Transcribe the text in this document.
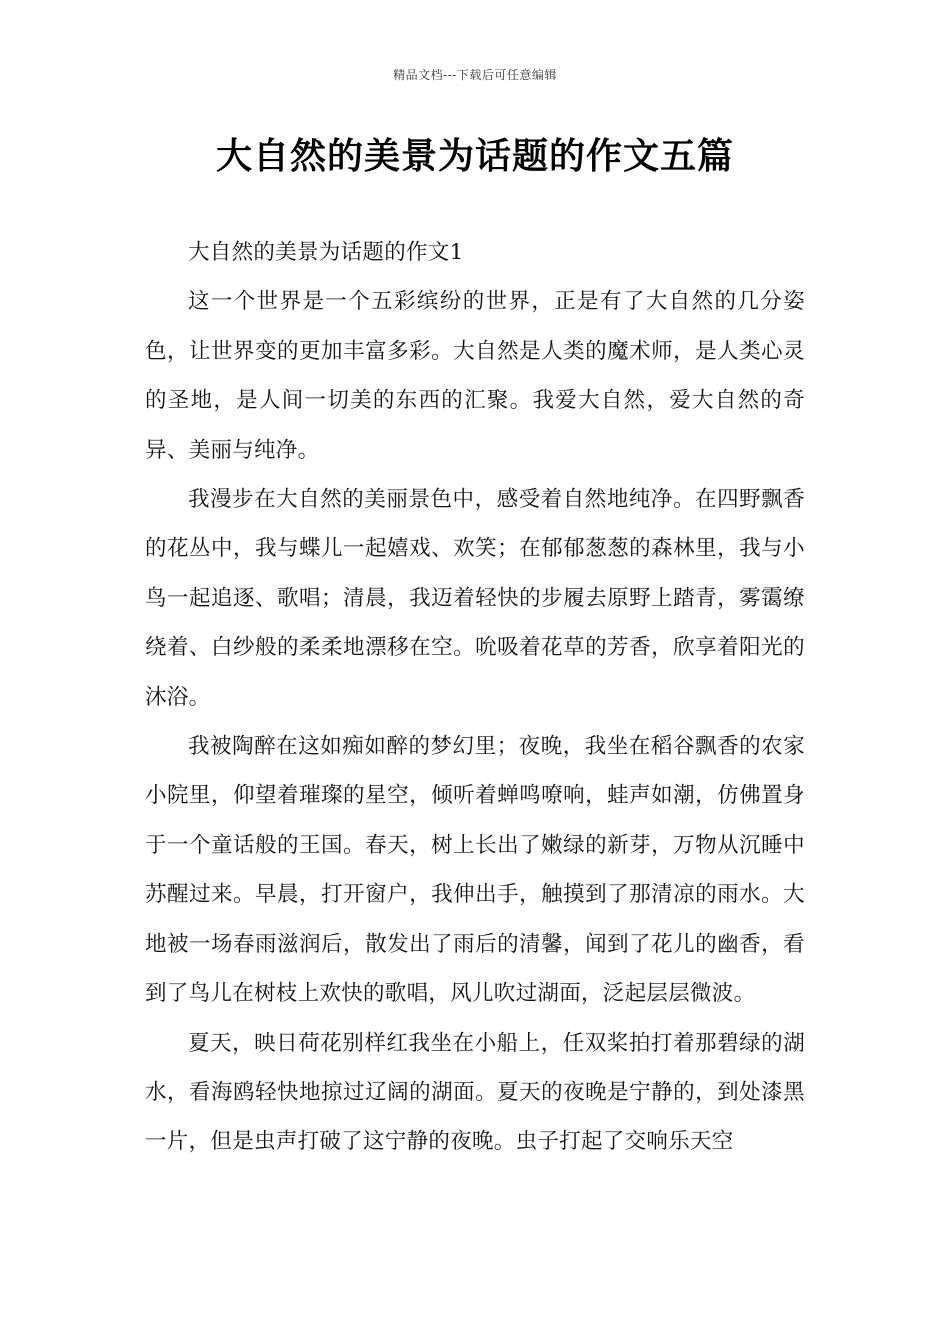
精品文档---下载后可任意编辑
大自然的美景为话题的作文五篇

大自然的美景为话题的作文1

这一个世界是一个五彩缤纷的世界，正是有了大自然的几分姿色，让世界变的更加丰富多彩。大自然是人类的魔术师，是人类心灵的圣地，是人间一切美的东西的汇聚。我爱大自然，爱大自然的奇异、美丽与纯净。

我漫步在大自然的美丽景色中，感受着自然地纯净。在四野飘香的花丛中，我与蝶儿一起嬉戏、欢笑；在郁郁葱葱的森林里，我与小鸟一起追逐、歌唱；清晨，我迈着轻快的步履去原野上踏青，雾霭缭绕着、白纱般的柔柔地漂移在空。吮吸着花草的芳香，欣享着阳光的沐浴。

我被陶醉在这如痴如醉的梦幻里；夜晚，我坐在稻谷飘香的农家小院里，仰望着璀璨的星空，倾听着蝉鸣嘹响，蛙声如潮，仿佛置身于一个童话般的王国。春天，树上长出了嫩绿的新芽，万物从沉睡中苏醒过来。早晨，打开窗户，我伸出手，触摸到了那清凉的雨水。大地被一场春雨滋润后，散发出了雨后的清馨，闻到了花儿的幽香，看到了鸟儿在树枝上欢快的歌唱，风儿吹过湖面，泛起层层微波。

夏天，映日荷花别样红我坐在小船上，任双桨拍打着那碧绿的湖水，看海鸥轻快地掠过辽阔的湖面。夏天的夜晚是宁静的，到处漆黑一片，但是虫声打破了这宁静的夜晚。虫子打起了交响乐天空
